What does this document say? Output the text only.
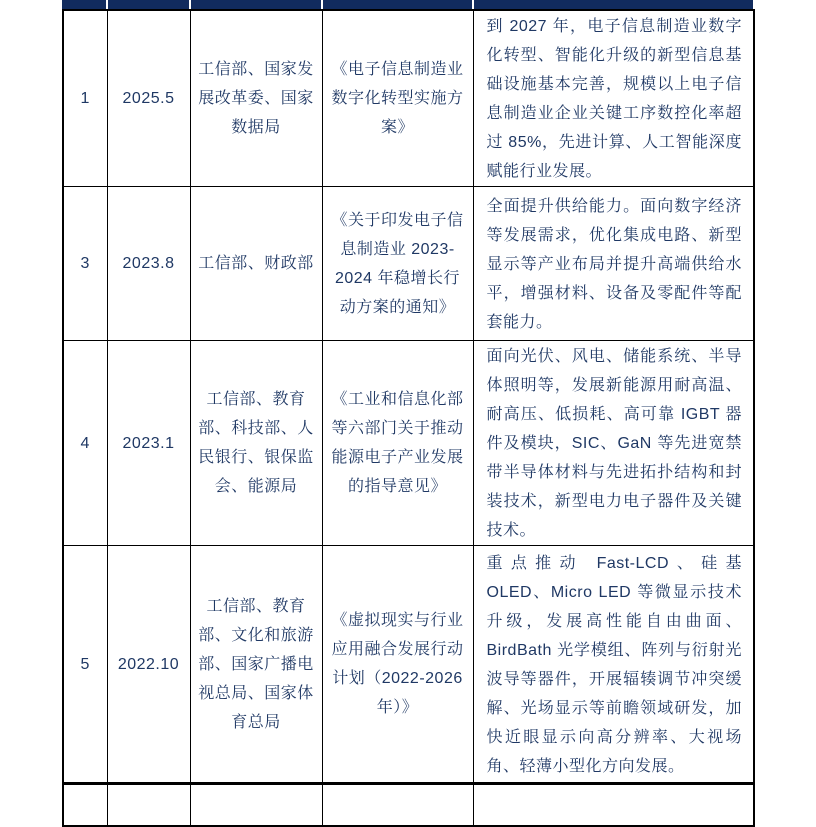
1	2025.5	工信部、国家发展改革委、国家数据局	《电子信息制造业数字化转型实施方案》	到 2027 年，电子信息制造业数字化转型、智能化升级的新型信息基础设施基本完善，规模以上电子信息制造业企业关键工序数控化率超过 85%，先进计算、人工智能深度赋能行业发展。
3	2023.8	工信部、财政部	《关于印发电子信息制造业 2023-2024 年稳增长行动方案的通知》	全面提升供给能力。面向数字经济等发展需求，优化集成电路、新型显示等产业布局并提升高端供给水平，增强材料、设备及零配件等配套能力。
4	2023.1	工信部、教育部、科技部、人民银行、银保监会、能源局	《工业和信息化部等六部门关于推动能源电子产业发展的指导意见》	面向光伏、风电、储能系统、半导体照明等，发展新能源用耐高温、耐高压、低损耗、高可靠 IGBT 器件及模块，SIC、GaN 等先进宽禁带半导体材料与先进拓扑结构和封装技术，新型电力电子器件及关键技术。
5	2022.10	工信部、教育部、文化和旅游部、国家广播电视总局、国家体育总局	《虚拟现实与行业应用融合发展行动计划（2022-2026 年）》	重点推动 Fast-LCD、硅基 OLED、Micro LED 等微显示技术升级，发展高性能自由曲面、BirdBath 光学模组、阵列与衍射光波导等器件，开展辐辏调节冲突缓解、光场显示等前瞻领域研发，加快近眼显示向高分辨率、大视场角、轻薄小型化方向发展。
